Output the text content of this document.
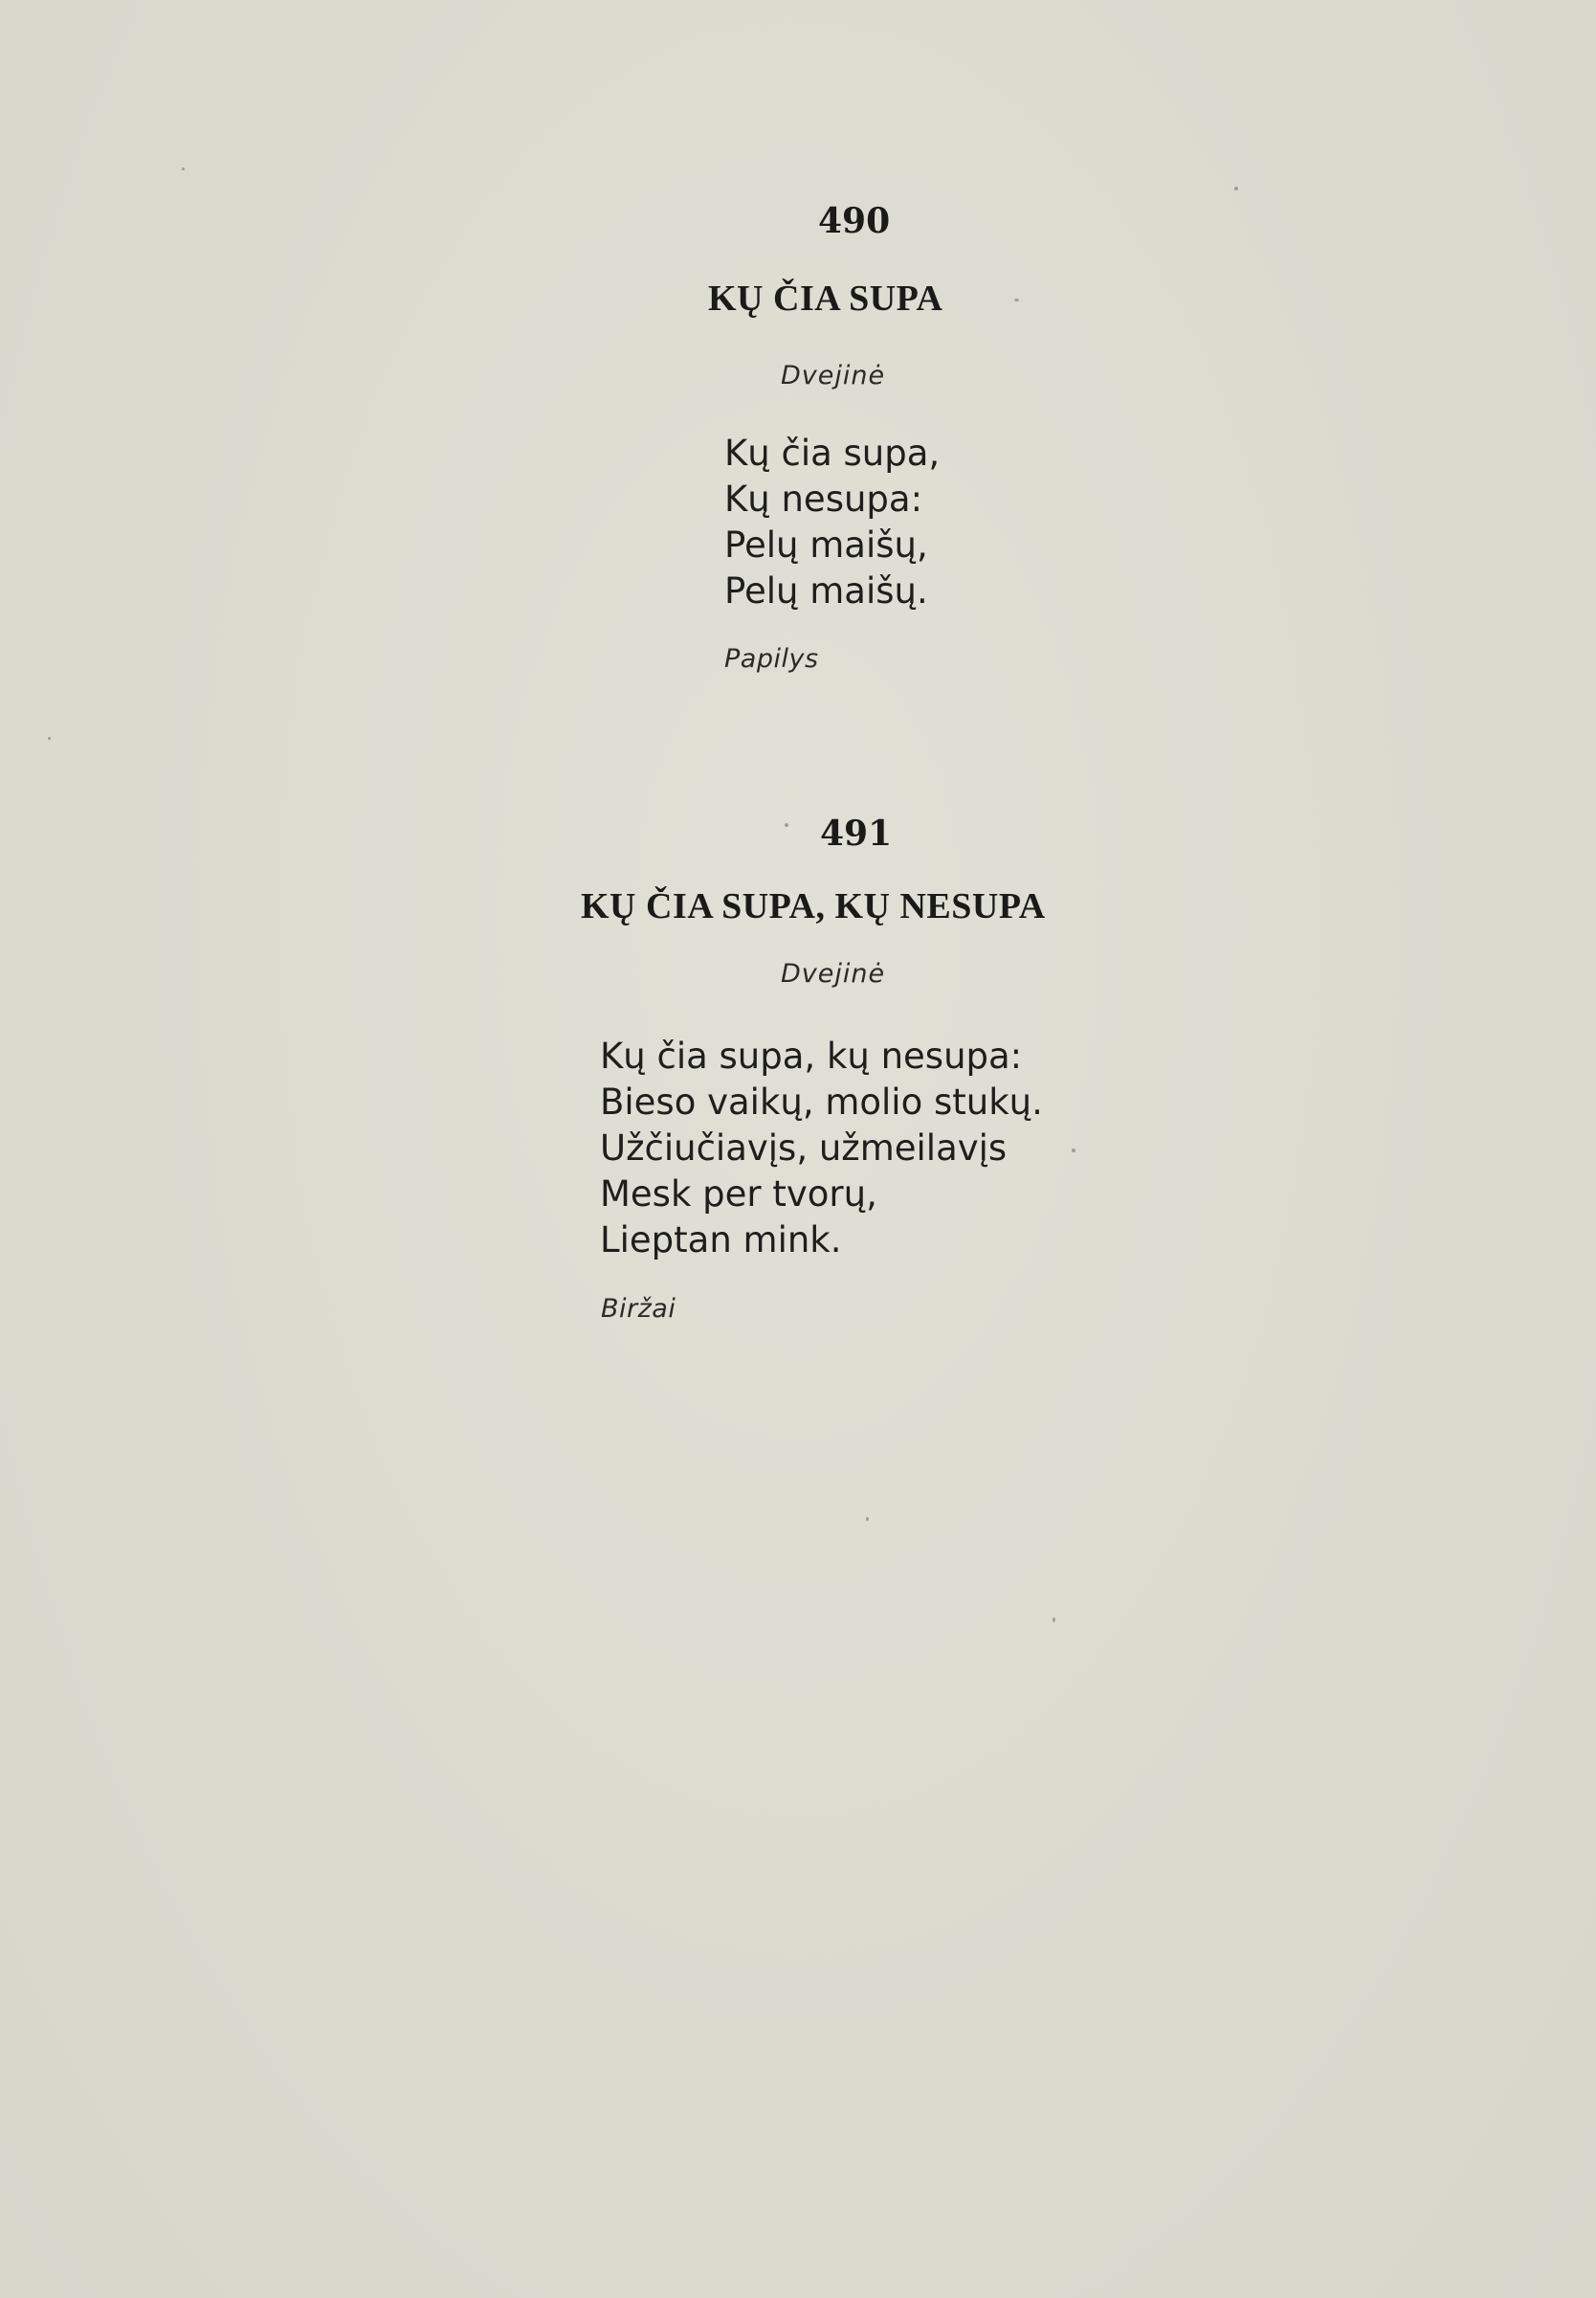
490
KŲ ČIA SUPA
Dvejinė
Kų čia supa,
Kų nesupa:
Pelų maišų,
Pelų maišų.
Papilys
491
KŲ ČIA SUPA, KŲ NESUPA
Dvejinė
Kų čia supa, kų nesupa:
Bieso vaikų, molio stukų.
Užčiučiavįs, užmeilavįs
Mesk per tvorų,
Lieptan mink.
Biržai
